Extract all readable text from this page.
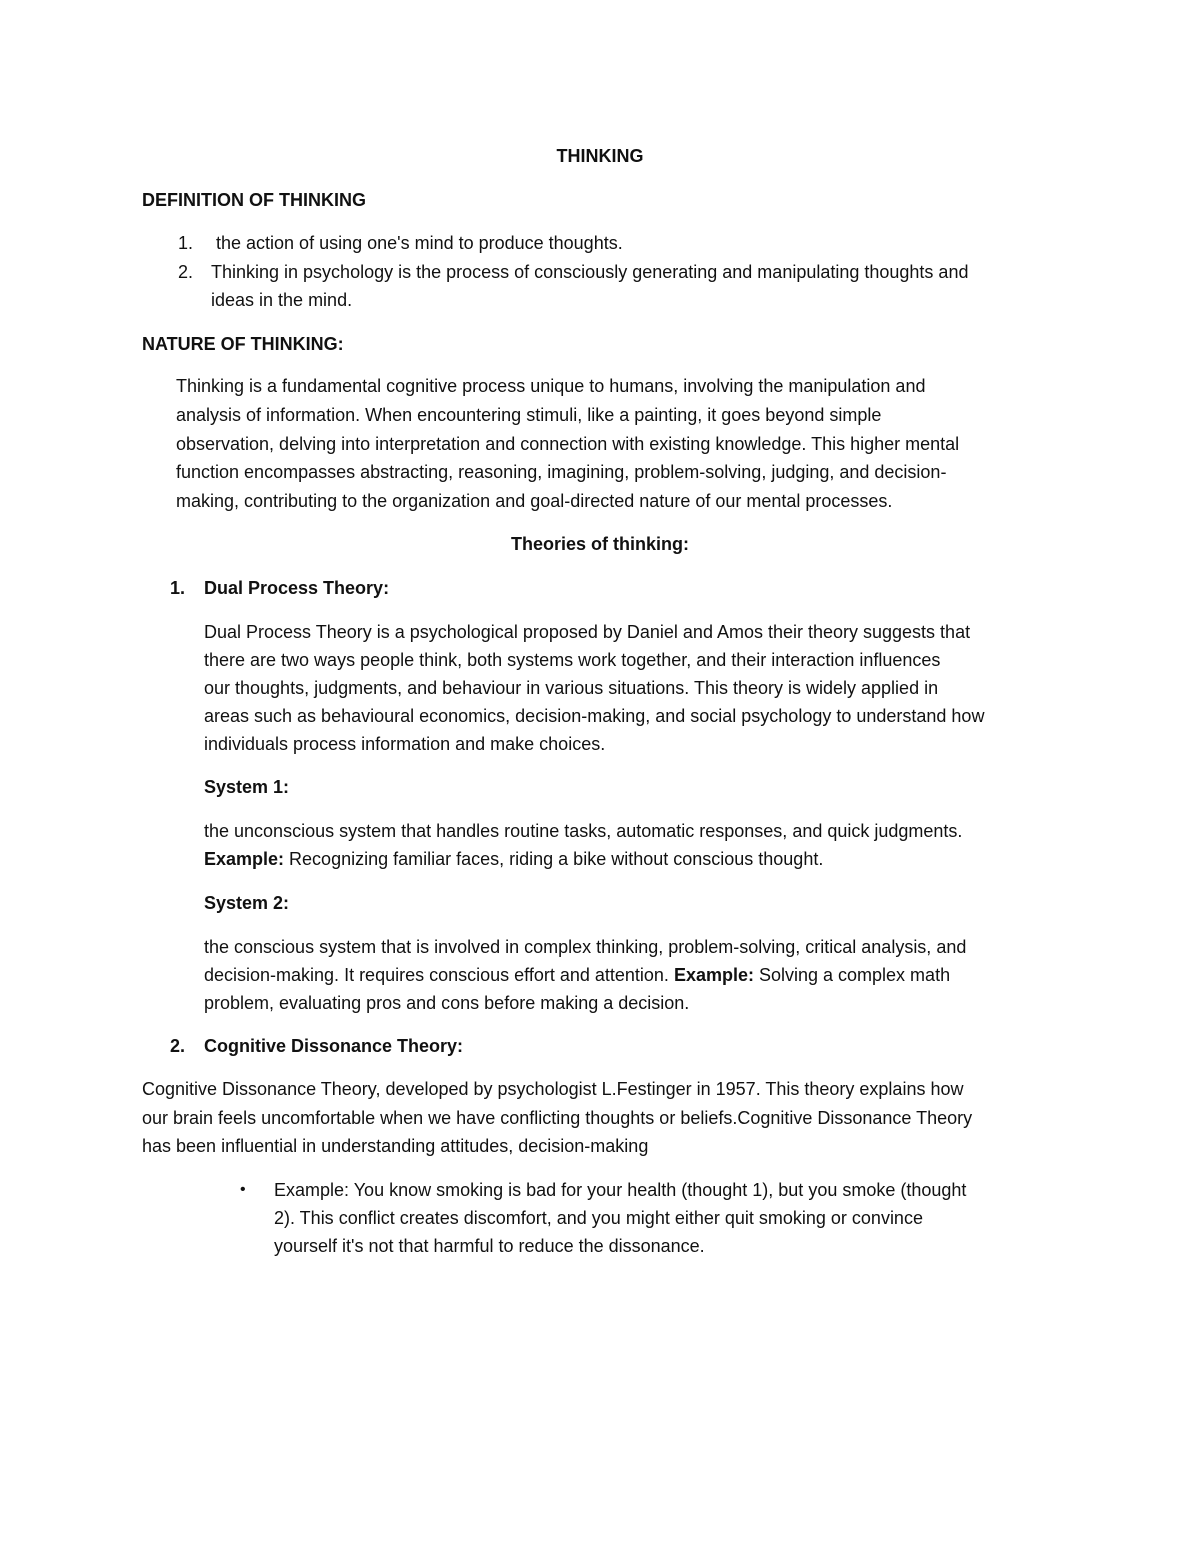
THINKING
DEFINITION OF THINKING
1.	the action of using one's mind to produce thoughts.
2. Thinking in psychology is the process of consciously generating and manipulating thoughts and
ideas in the mind.
NATURE OF THINKING:
Thinking is a fundamental cognitive process unique to humans, involving the manipulation and
analysis of information. When encountering stimuli, like a painting, it goes beyond simple
observation, delving into interpretation and connection with existing knowledge. This higher mental
function encompasses abstracting, reasoning, imagining, problem-solving, judging, and decision-
making, contributing to the organization and goal-directed nature of our mental processes.
Theories of thinking:
1.	Dual Process Theory:
Dual Process Theory is a psychological proposed by Daniel and Amos their theory suggests that
there are two ways people think, both systems work together, and their interaction influences
our thoughts, judgments, and behaviour in various situations. This theory is widely applied in
areas such as behavioural economics, decision-making, and social psychology to understand how
individuals process information and make choices.
System 1:
the unconscious system that handles routine tasks, automatic responses, and quick judgments.
Example: Recognizing familiar faces, riding a bike without conscious thought.
System 2:
the conscious system that is involved in complex thinking, problem-solving, critical analysis, and
decision-making. It requires conscious effort and attention. Example: Solving a complex math
problem, evaluating pros and cons before making a decision.
2.	Cognitive Dissonance Theory:
Cognitive Dissonance Theory, developed by psychologist L.Festinger in 1957. This theory explains how
our brain feels uncomfortable when we have conflicting thoughts or beliefs.Cognitive Dissonance Theory
has been influential in understanding attitudes, decision-making
• Example: You know smoking is bad for your health (thought 1), but you smoke (thought
2). This conflict creates discomfort, and you might either quit smoking or convince
yourself it's not that harmful to reduce the dissonance.
